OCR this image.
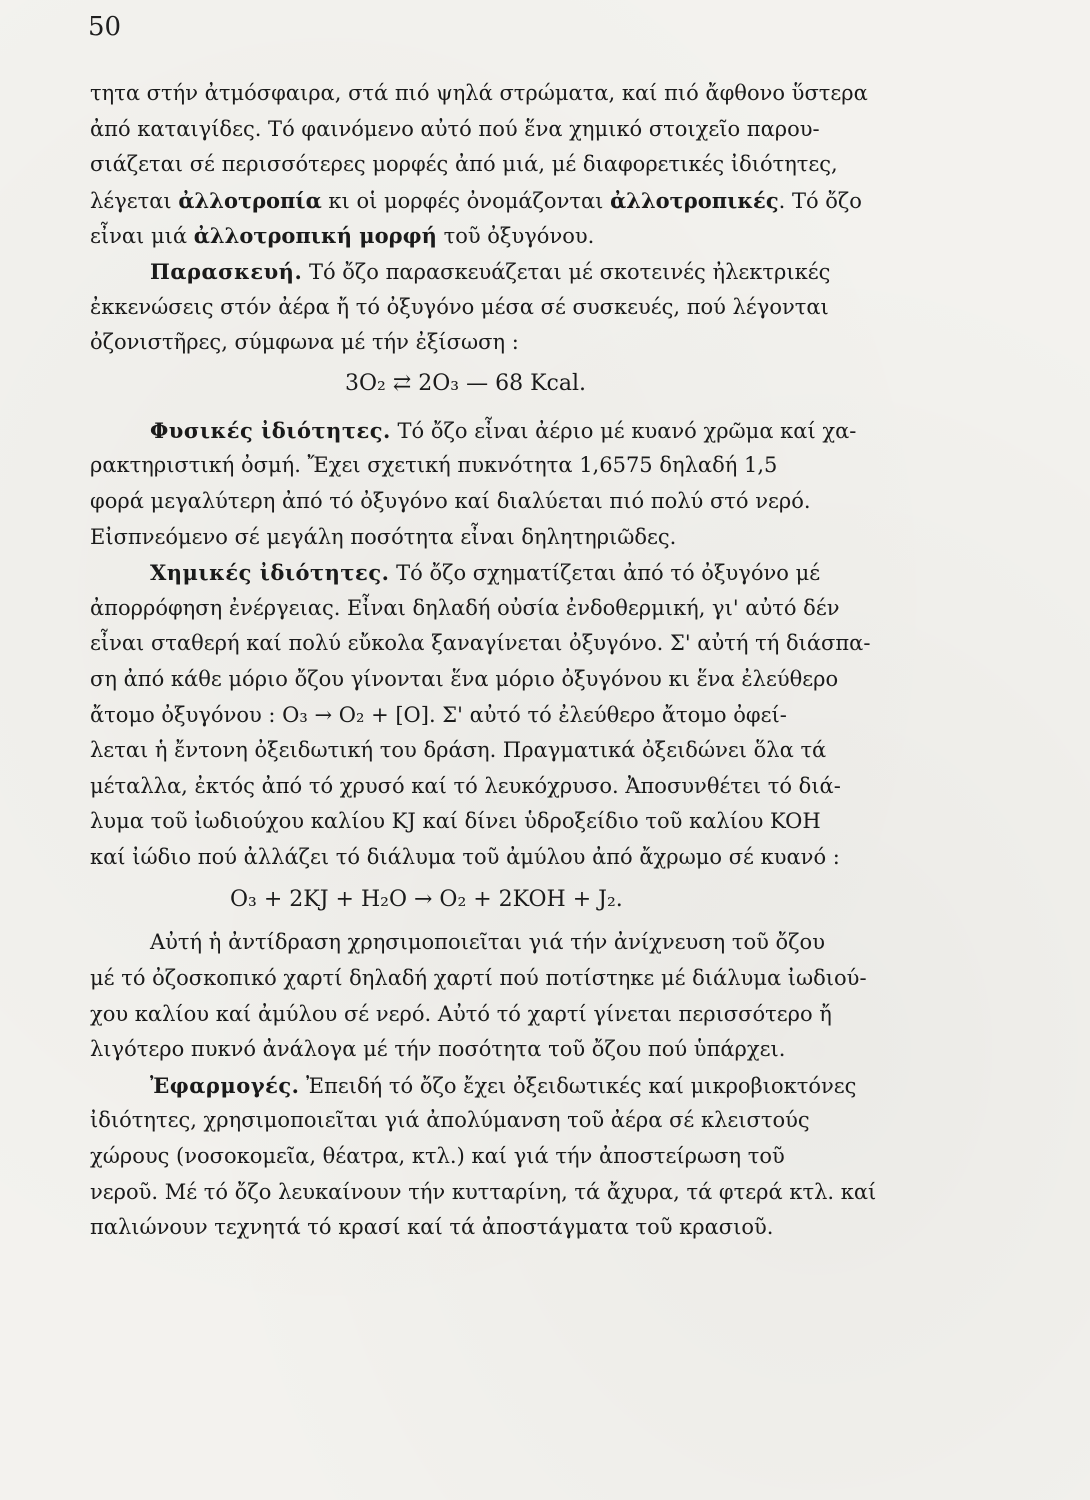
50
τητα στήν ἀτμόσφαιρα, στά πιό ψηλά στρώματα, καί πιό ἄφθονο ὕστερα
ἀπό καταιγίδες. Τό φαινόμενο αὐτό πού ἕνα χημικό στοιχεῖο παρου-
σιάζεται σέ περισσότερες μορφές ἀπό μιά, μέ διαφορετικές ἰδιότητες,
λέγεται ἀλλοτροπία κι οἱ μορφές ὀνομάζονται ἀλλοτροπικές. Τό ὄζο
εἶναι μιά ἀλλοτροπική μορφή τοῦ ὀξυγόνου.
Παρασκευή. Τό ὄζο παρασκευάζεται μέ σκοτεινές ἠλεκτρικές
ἐκκενώσεις στόν ἀέρα ἤ τό ὀξυγόνο μέσα σέ συσκευές, πού λέγονται
ὀζονιστῆρες, σύμφωνα μέ τήν ἐξίσωση :
3O₂ ⇄ 2O₃ — 68 Kcal.
Φυσικές ἰδιότητες. Τό ὄζο εἶναι ἀέριο μέ κυανό χρῶμα καί χα-
ρακτηριστική ὀσμή. Ἔχει σχετική πυκνότητα 1,6575 δηλαδή 1,5
φορά μεγαλύτερη ἀπό τό ὀξυγόνο καί διαλύεται πιό πολύ στό νερό.
Εἰσπνεόμενο σέ μεγάλη ποσότητα εἶναι δηλητηριῶδες.
Χημικές ἰδιότητες. Τό ὄζο σχηματίζεται ἀπό τό ὀξυγόνο μέ
ἀπορρόφηση ἐνέργειας. Εἶναι δηλαδή οὐσία ἐνδοθερμική, γι' αὐτό δέν
εἶναι σταθερή καί πολύ εὔκολα ξαναγίνεται ὀξυγόνο. Σ' αὐτή τή διάσπα-
ση ἀπό κάθε μόριο ὄζου γίνονται ἕνα μόριο ὀξυγόνου κι ἕνα ἐλεύθερο
ἄτομο ὀξυγόνου : O₃ → O₂ + [O]. Σ' αὐτό τό ἐλεύθερο ἄτομο ὀφεί-
λεται ἡ ἔντονη ὀξειδωτική του δράση. Πραγματικά ὀξειδώνει ὅλα τά
μέταλλα, ἐκτός ἀπό τό χρυσό καί τό λευκόχρυσο. Ἀποσυνθέτει τό διά-
λυμα τοῦ ἰωδιούχου καλίου KJ καί δίνει ὑδροξείδιο τοῦ καλίου KOH
καί ἰώδιο πού ἀλλάζει τό διάλυμα τοῦ ἀμύλου ἀπό ἄχρωμο σέ κυανό :
O₃ + 2KJ + H₂O → O₂ + 2KOH + J₂.
Αὐτή ἡ ἀντίδραση χρησιμοποιεῖται γιά τήν ἀνίχνευση τοῦ ὄζου
μέ τό ὀζοσκοπικό χαρτί δηλαδή χαρτί πού ποτίστηκε μέ διάλυμα ἰωδιού-
χου καλίου καί ἀμύλου σέ νερό. Αὐτό τό χαρτί γίνεται περισσότερο ἤ
λιγότερο πυκνό ἀνάλογα μέ τήν ποσότητα τοῦ ὄζου πού ὑπάρχει.
Ἐφαρμογές. Ἐπειδή τό ὄζο ἔχει ὀξειδωτικές καί μικροβιοκτόνες
ἰδιότητες, χρησιμοποιεῖται γιά ἀπολύμανση τοῦ ἀέρα σέ κλειστούς
χώρους (νοσοκομεῖα, θέατρα, κτλ.) καί γιά τήν ἀποστείρωση τοῦ
νεροῦ. Μέ τό ὄζο λευκαίνουν τήν κυτταρίνη, τά ἄχυρα, τά φτερά κτλ. καί
παλιώνουν τεχνητά τό κρασί καί τά ἀποστάγματα τοῦ κρασιοῦ.
